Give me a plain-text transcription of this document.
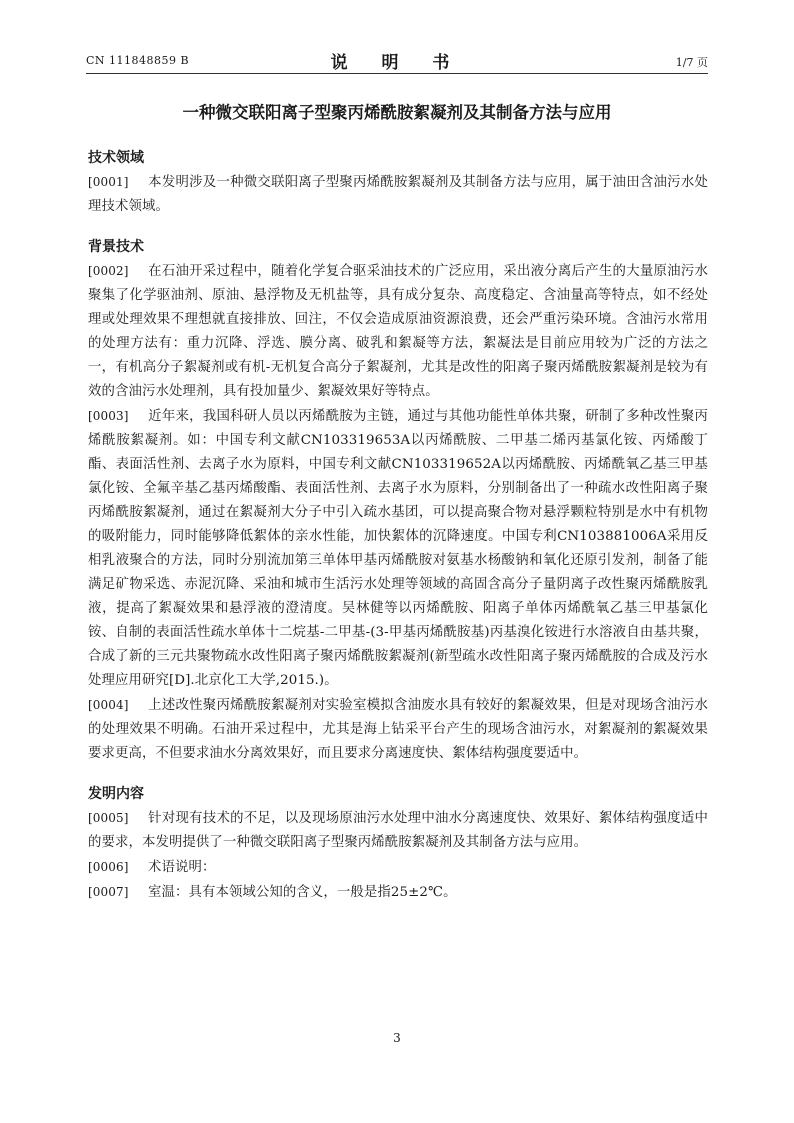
CN 111848859 B	说 明 书	1/7 页
一种微交联阳离子型聚丙烯酰胺絮凝剂及其制备方法与应用
技术领域

[0001] 本发明涉及一种微交联阳离子型聚丙烯酰胺絮凝剂及其制备方法与应用，属于油田含油污水处理技术领域。

背景技术

[0002] 在石油开采过程中，随着化学复合驱采油技术的广泛应用，采出液分离后产生的大量原油污水聚集了化学驱油剂、原油、悬浮物及无机盐等，具有成分复杂、高度稳定、含油量高等特点，如不经处理或处理效果不理想就直接排放、回注，不仅会造成原油资源浪费，还会严重污染环境。含油污水常用的处理方法有：重力沉降、浮选、膜分离、破乳和絮凝等方法，絮凝法是目前应用较为广泛的方法之一，有机高分子絮凝剂或有机-无机复合高分子絮凝剂，尤其是改性的阳离子聚丙烯酰胺絮凝剂是较为有效的含油污水处理剂，具有投加量少、絮凝效果好等特点。

[0003] 近年来，我国科研人员以丙烯酰胺为主链，通过与其他功能性单体共聚，研制了多种改性聚丙烯酰胺絮凝剂。如：中国专利文献CN103319653A以丙烯酰胺、二甲基二烯丙基氯化铵、丙烯酸丁酯、表面活性剂、去离子水为原料，中国专利文献CN103319652A以丙烯酰胺、丙烯酰氧乙基三甲基氯化铵、全氟辛基乙基丙烯酸酯、表面活性剂、去离子水为原料，分别制备出了一种疏水改性阳离子聚丙烯酰胺絮凝剂，通过在絮凝剂大分子中引入疏水基团，可以提高聚合物对悬浮颗粒特别是水中有机物的吸附能力，同时能够降低絮体的亲水性能，加快絮体的沉降速度。中国专利CN103881006A采用反相乳液聚合的方法，同时分别流加第三单体甲基丙烯酰胺对氨基水杨酸钠和氧化还原引发剂，制备了能满足矿物采选、赤泥沉降、采油和城市生活污水处理等领域的高固含高分子量阴离子改性聚丙烯酰胺乳液，提高了絮凝效果和悬浮液的澄清度。吴林健等以丙烯酰胺、阳离子单体丙烯酰氧乙基三甲基氯化铵、自制的表面活性疏水单体十二烷基-二甲基-(3-甲基丙烯酰胺基)丙基溴化铵进行水溶液自由基共聚，合成了新的三元共聚物疏水改性阳离子聚丙烯酰胺絮凝剂(新型疏水改性阳离子聚丙烯酰胺的合成及污水处理应用研究[D].北京化工大学,2015.)。

[0004] 上述改性聚丙烯酰胺絮凝剂对实验室模拟含油废水具有较好的絮凝效果，但是对现场含油污水的处理效果不明确。石油开采过程中，尤其是海上钻采平台产生的现场含油污水，对絮凝剂的絮凝效果要求更高，不但要求油水分离效果好，而且要求分离速度快、絮体结构强度要适中。

发明内容

[0005] 针对现有技术的不足，以及现场原油污水处理中油水分离速度快、效果好、絮体结构强度适中的要求，本发明提供了一种微交联阳离子型聚丙烯酰胺絮凝剂及其制备方法与应用。

[0006] 术语说明：

[0007] 室温：具有本领域公知的含义，一般是指25±2℃。

3
